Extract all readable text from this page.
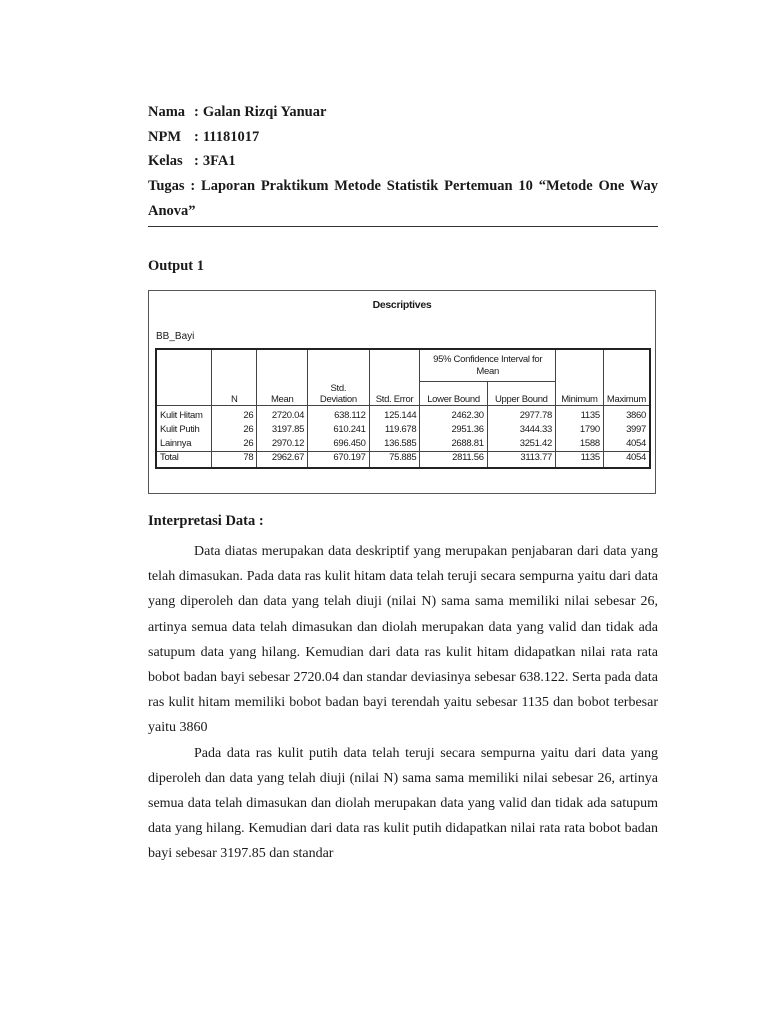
Nama : Galan Rizqi Yanuar
NPM : 11181017
Kelas : 3FA1
Tugas : Laporan Praktikum Metode Statistik Pertemuan 10 “Metode One Way Anova”
Output 1
Descriptives
BB_Bayi
	N	Mean	Std. Deviation	Std. Error	95% Confidence Interval for Mean		Minimum	Maximum
					Lower Bound	Upper Bound		
Kulit Hitam	26	2720.04	638.112	125.144	2462.30	2977.78	1135	3860
Kulit Putih	26	3197.85	610.241	119.678	2951.36	3444.33	1790	3997
Lainnya	26	2970.12	696.450	136.585	2688.81	3251.42	1588	4054
Total	78	2962.67	670.197	75.885	2811.56	3113.77	1135	4054
Interpretasi Data :

Data diatas merupakan data deskriptif yang merupakan penjabaran dari data yang telah dimasukan. Pada data ras kulit hitam data telah teruji secara sempurna yaitu dari data yang diperoleh dan data yang telah diuji (nilai N) sama sama memiliki nilai sebesar 26, artinya semua data telah dimasukan dan diolah merupakan data yang valid dan tidak ada satupum data yang hilang. Kemudian dari data ras kulit hitam didapatkan nilai rata rata bobot badan bayi sebesar 2720.04 dan standar deviasinya sebesar 638.122. Serta pada data ras kulit hitam memiliki bobot badan bayi terendah yaitu sebesar 1135 dan bobot terbesar yaitu 3860

Pada data ras kulit putih data telah teruji secara sempurna yaitu dari data yang diperoleh dan data yang telah diuji (nilai N) sama sama memiliki nilai sebesar 26, artinya semua data telah dimasukan dan diolah merupakan data yang valid dan tidak ada satupum data yang hilang. Kemudian dari data ras kulit putih didapatkan nilai rata rata bobot badan bayi sebesar 3197.85 dan standar
